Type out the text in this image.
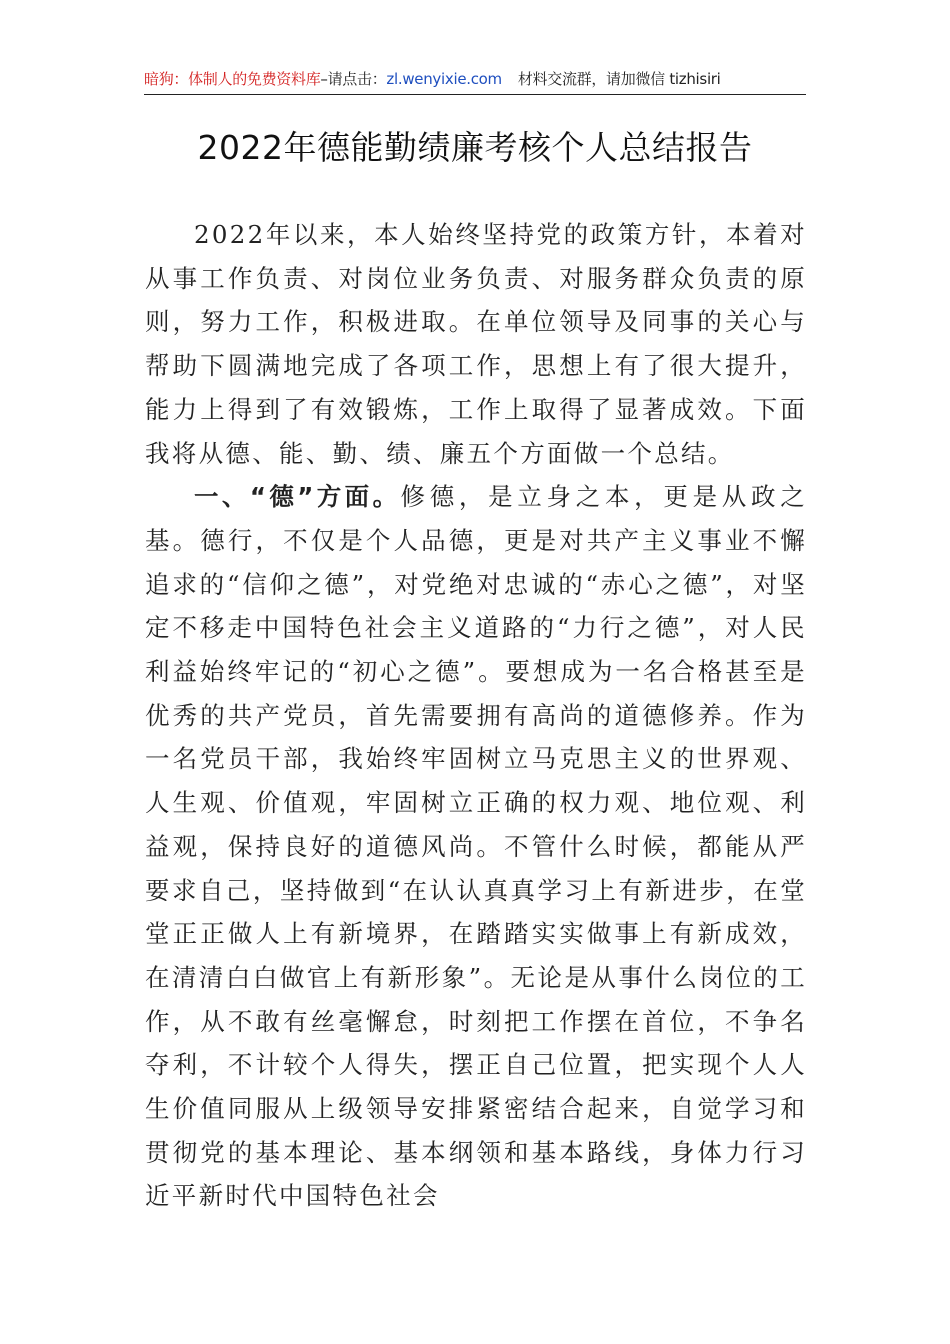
暗狗：体制人的免费资料库–请点击：zl.wenyixie.com 材料交流群，请加微信 tizhisiri
2022年德能勤绩廉考核个人总结报告

2022年以来，本人始终坚持党的政策方针，本着对从事工作负责、对岗位业务负责、对服务群众负责的原则，努力工作，积极进取。在单位领导及同事的关心与帮助下圆满地完成了各项工作，思想上有了很大提升，能力上得到了有效锻炼，工作上取得了显著成效。下面我将从德、能、勤、绩、廉五个方面做一个总结。

一、“德”方面。修德，是立身之本，更是从政之基。德行，不仅是个人品德，更是对共产主义事业不懈追求的“信仰之德”，对党绝对忠诚的“赤心之德”，对坚定不移走中国特色社会主义道路的“力行之德”，对人民利益始终牢记的“初心之德”。要想成为一名合格甚至是优秀的共产党员，首先需要拥有高尚的道德修养。作为一名党员干部，我始终牢固树立马克思主义的世界观、人生观、价值观，牢固树立正确的权力观、地位观、利益观，保持良好的道德风尚。不管什么时候，都能从严要求自己，坚持做到“在认认真真学习上有新进步，在堂堂正正做人上有新境界，在踏踏实实做事上有新成效，在清清白白做官上有新形象”。无论是从事什么岗位的工作，从不敢有丝毫懈怠，时刻把工作摆在首位，不争名夺利，不计较个人得失，摆正自己位置，把实现个人人生价值同服从上级领导安排紧密结合起来，自觉学习和贯彻党的基本理论、基本纲领和基本路线，身体力行习近平新时代中国特色社会
